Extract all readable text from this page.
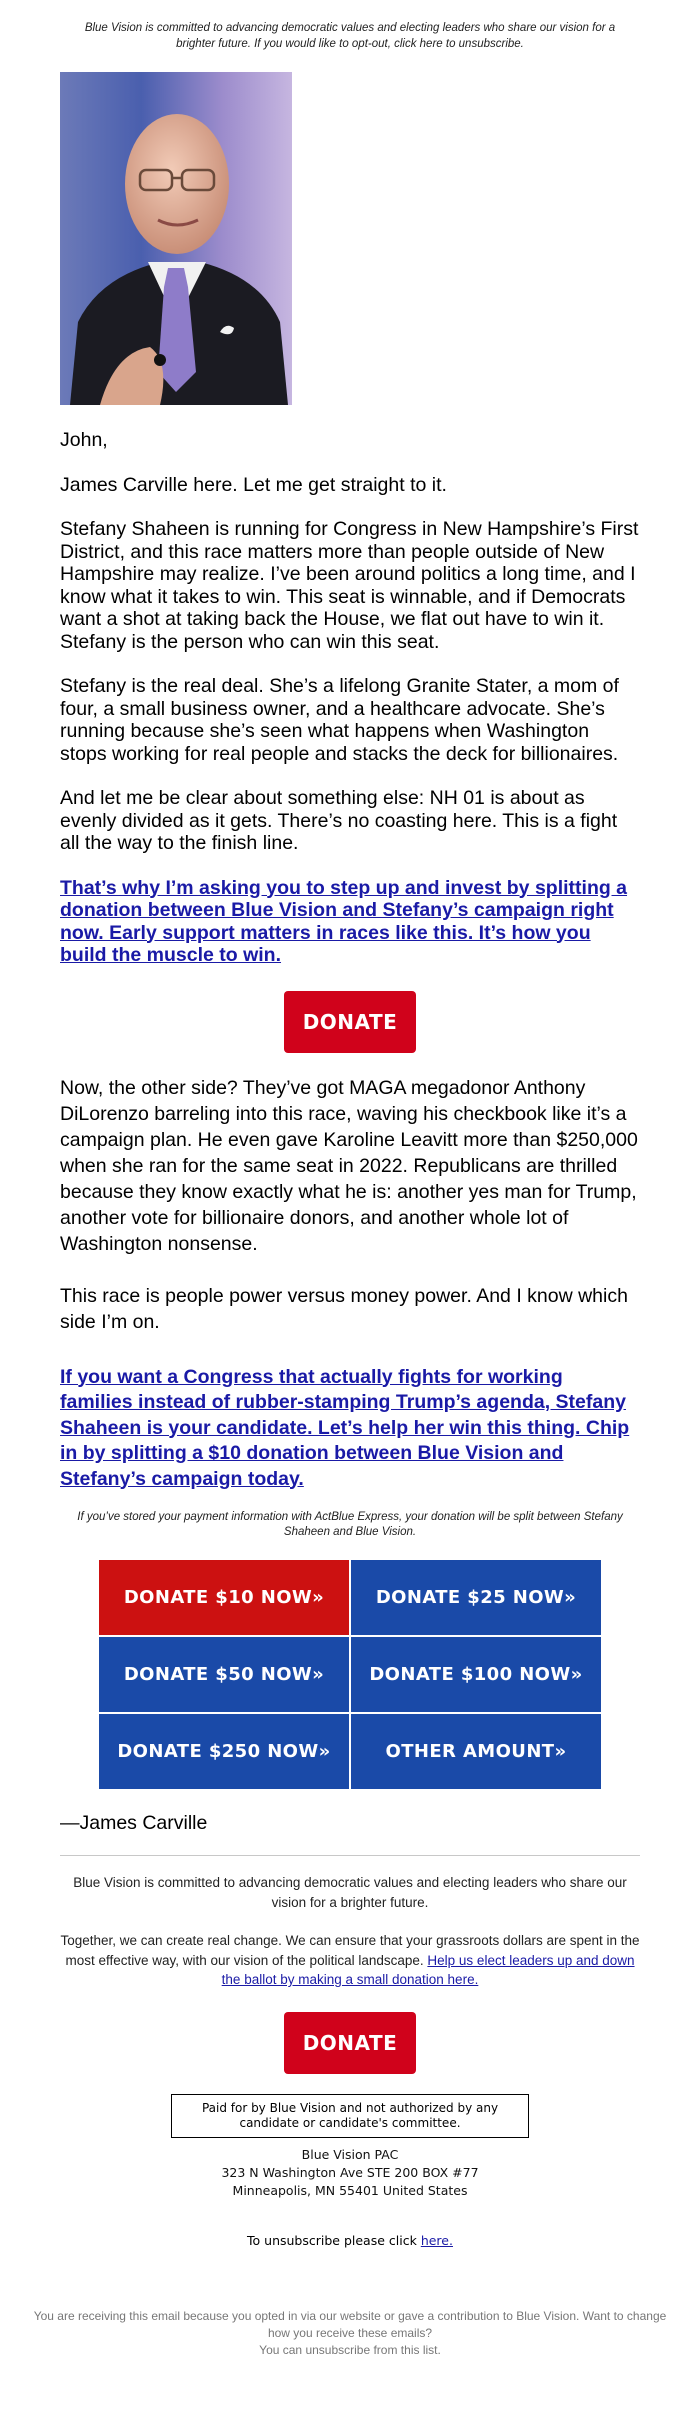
Blue Vision is committed to advancing democratic values and electing leaders who share our vision for a brighter future. If you would like to opt-out, click here to unsubscribe.

John,

James Carville here. Let me get straight to it.

Stefany Shaheen is running for Congress in New Hampshire’s First District, and this race matters more than people outside of New Hampshire may realize. I’ve been around politics a long time, and I know what it takes to win. This seat is winnable, and if Democrats want a shot at taking back the House, we flat out have to win it. Stefany is the person who can win this seat.

Stefany is the real deal. She’s a lifelong Granite Stater, a mom of four, a small business owner, and a healthcare advocate. She’s running because she’s seen what happens when Washington stops working for real people and stacks the deck for billionaires.

And let me be clear about something else: NH 01 is about as evenly divided as it gets. There’s no coasting here. This is a fight all the way to the finish line.

That’s why I’m asking you to step up and invest by splitting a donation between Blue Vision and Stefany’s campaign right now. Early support matters in races like this. It’s how you build the muscle to win.
DONATE

Now, the other side? They’ve got MAGA megadonor Anthony DiLorenzo barreling into this race, waving his checkbook like it’s a campaign plan. He even gave Karoline Leavitt more than $250,000 when she ran for the same seat in 2022. Republicans are thrilled because they know exactly what he is: another yes man for Trump, another vote for billionaire donors, and another whole lot of Washington nonsense.

This race is people power versus money power. And I know which side I’m on.

If you want a Congress that actually fights for working families instead of rubber-stamping Trump’s agenda, Stefany Shaheen is your candidate. Let’s help her win this thing. Chip in by splitting a $10 donation between Blue Vision and Stefany’s campaign today.
If you’ve stored your payment information with ActBlue Express, your donation will be split between Stefany Shaheen and Blue Vision.
DONATE $10 NOW»	DONATE $25 NOW»
DONATE $50 NOW»	DONATE $100 NOW»
DONATE $250 NOW»	OTHER AMOUNT»

—James Carville

Blue Vision is committed to advancing democratic values and electing leaders who share our vision for a brighter future.
Together, we can create real change. We can ensure that your grassroots dollars are spent in the most effective way, with our vision of the political landscape. Help us elect leaders up and down the ballot by making a small donation here.
DONATE
Paid for by Blue Vision and not authorized by any candidate or candidate's committee.
Blue Vision PAC
323 N Washington Ave STE 200 BOX #77
Minneapolis, MN 55401 United States
To unsubscribe please click here.
You are receiving this email because you opted in via our website or gave a contribution to Blue Vision. Want to change how you receive these emails?
You can unsubscribe from this list.
